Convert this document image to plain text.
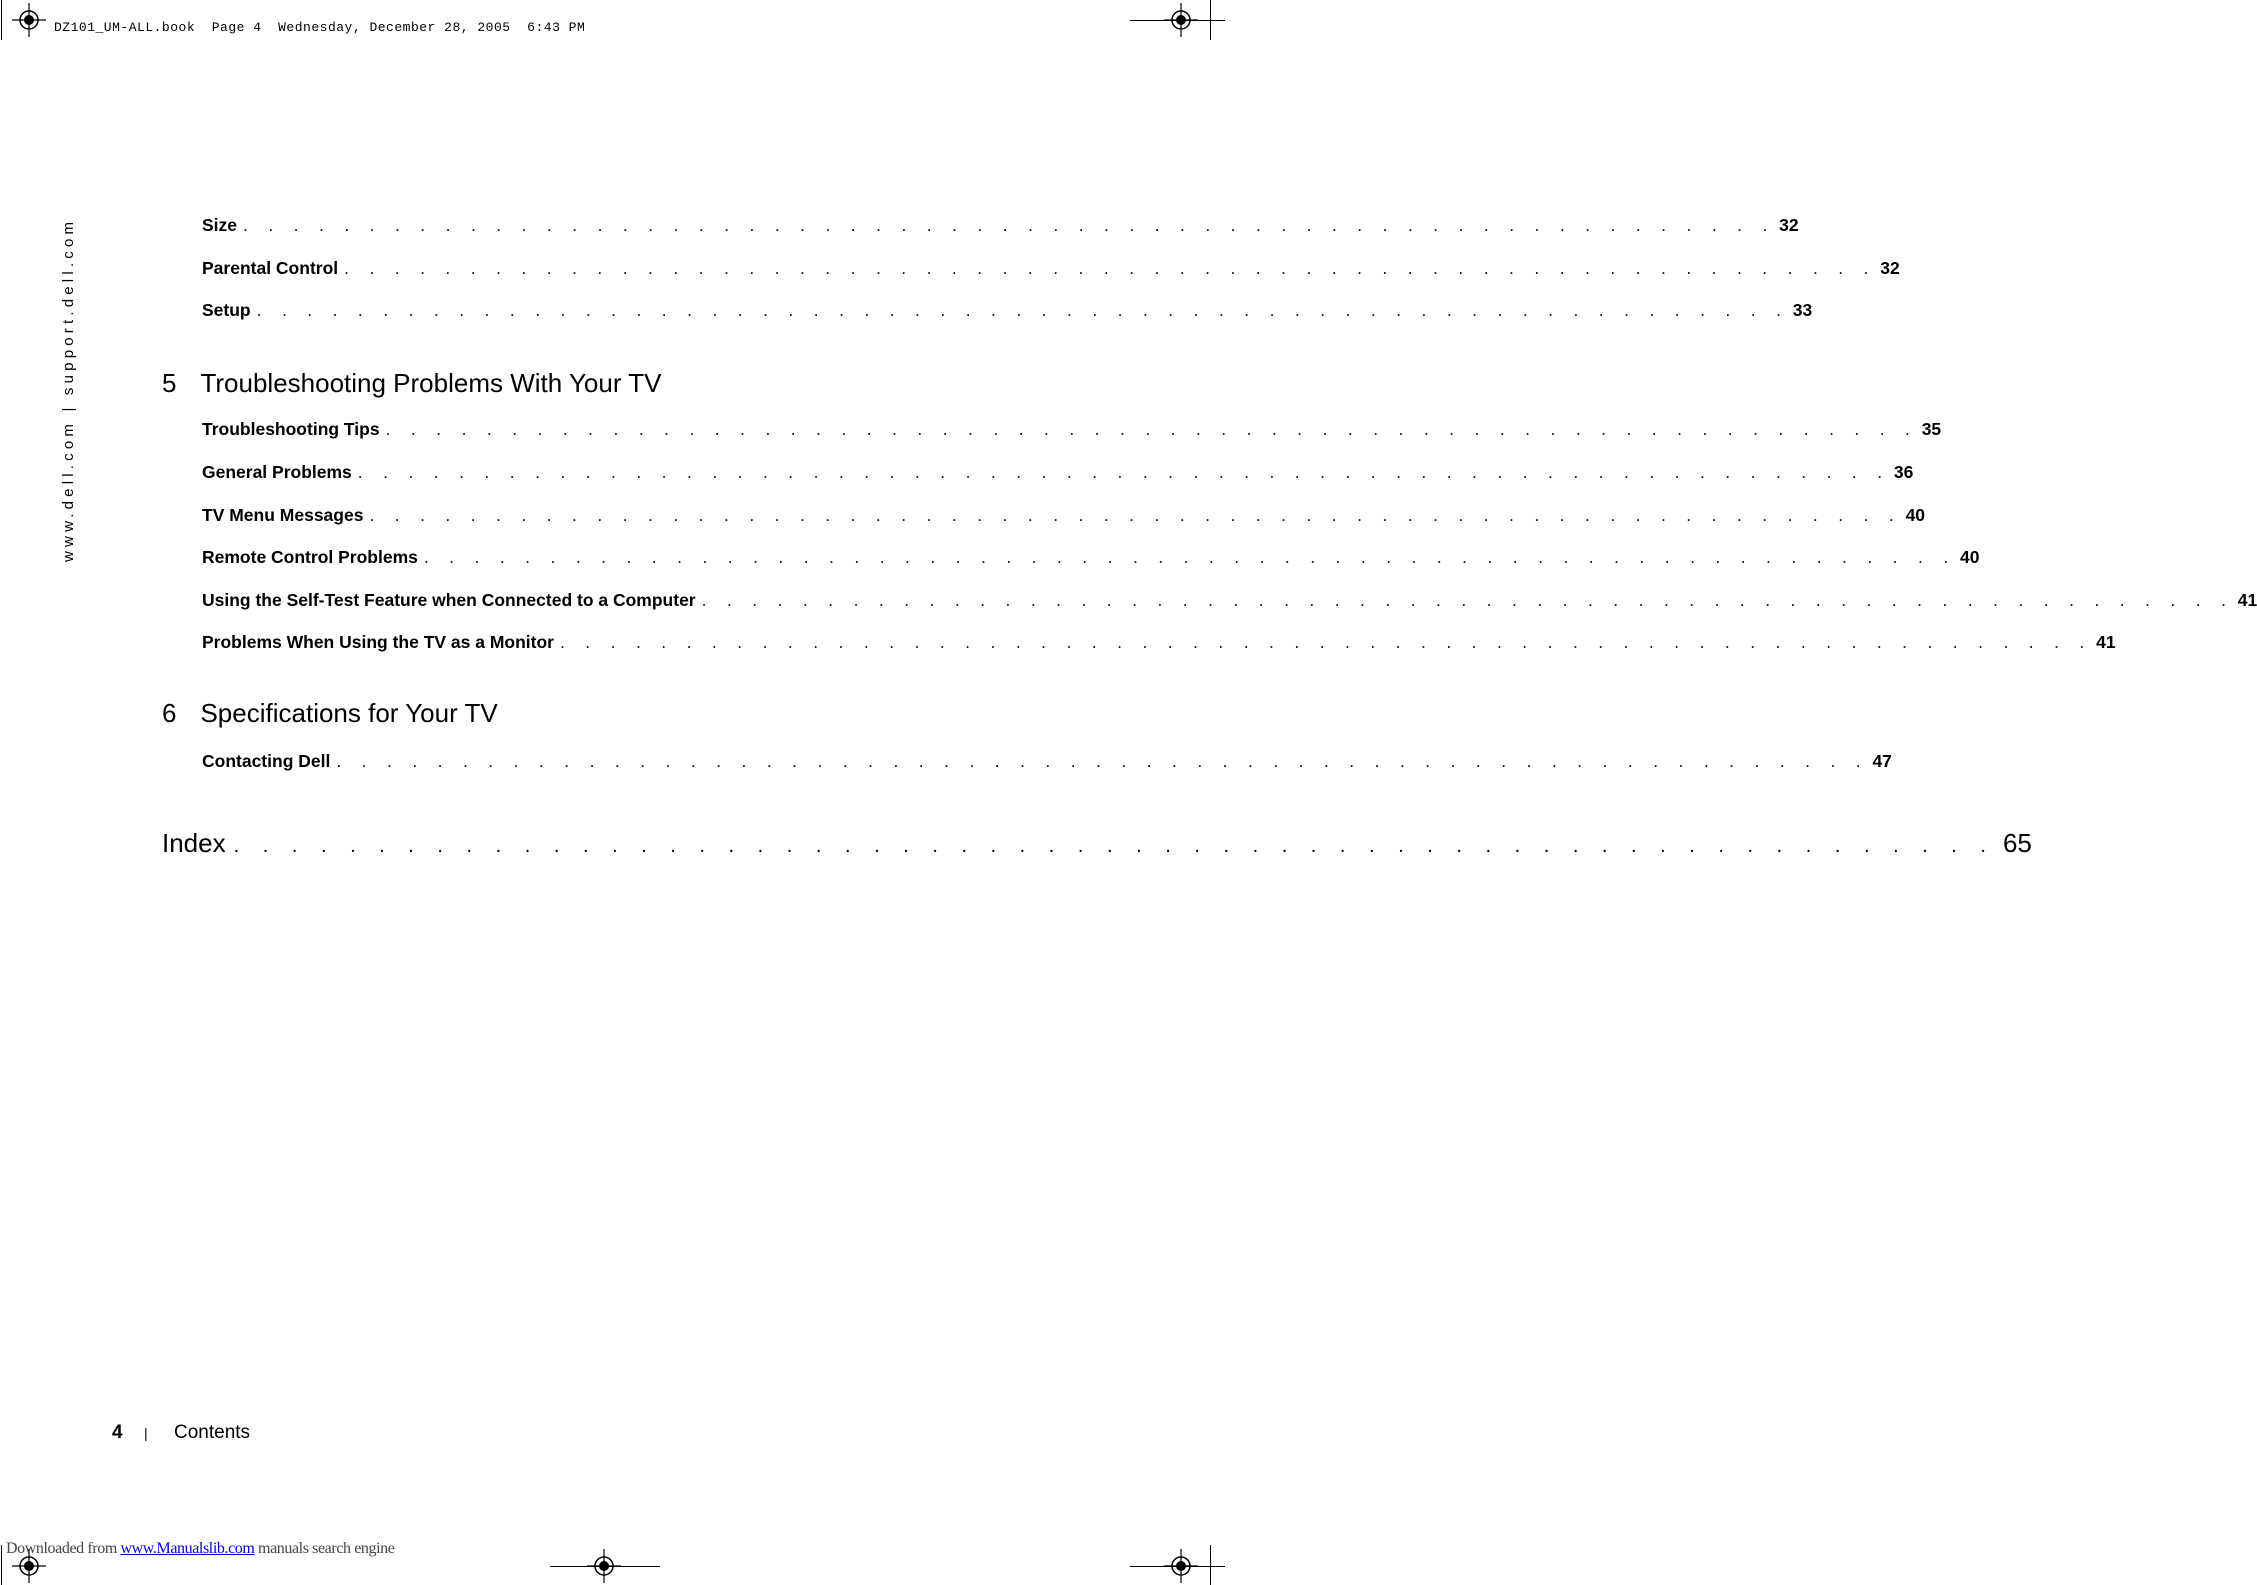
DZ101_UM-ALL.book  Page 4  Wednesday, December 28, 2005  6:43 PM
www.dell.com | support.dell.com	Size . . . . . . . . . . . . . . . . . . . . . . . . . . . . . . . . . . . . . . . . . . . . . . . . . . . . . . . . . . . . . 32
Parental Control . . . . . . . . . . . . . . . . . . . . . . . . . . . . . . . . . . . . . . . . . . . . . . . . . . . . . . . . . . . . . 32
Setup . . . . . . . . . . . . . . . . . . . . . . . . . . . . . . . . . . . . . . . . . . . . . . . . . . . . . . . . . . . . . 33
5 Troubleshooting Problems With Your TV
Troubleshooting Tips . . . . . . . . . . . . . . . . . . . . . . . . . . . . . . . . . . . . . . . . . . . . . . . . . . . . . . . . . . . . . 35
General Problems . . . . . . . . . . . . . . . . . . . . . . . . . . . . . . . . . . . . . . . . . . . . . . . . . . . . . . . . . . . . . 36
TV Menu Messages . . . . . . . . . . . . . . . . . . . . . . . . . . . . . . . . . . . . . . . . . . . . . . . . . . . . . . . . . . . . . 40
Remote Control Problems . . . . . . . . . . . . . . . . . . . . . . . . . . . . . . . . . . . . . . . . . . . . . . . . . . . . . . . . . . . . . 40
Using the Self-Test Feature when Connected to a Computer . . . . . . . . . . . . . . . . . . . . . . . . . . . . . . . . . . . . . . . . . . . . . . . . . . . . . . . . . . . . . 41
Problems When Using the TV as a Monitor . . . . . . . . . . . . . . . . . . . . . . . . . . . . . . . . . . . . . . . . . . . . . . . . . . . . . . . . . . . . . 41
6 Specifications for Your TV
Contacting Dell . . . . . . . . . . . . . . . . . . . . . . . . . . . . . . . . . . . . . . . . . . . . . . . . . . . . . . . . . . . . . 47
Index . . . . . . . . . . . . . . . . . . . . . . . . . . . . . . . . . . . . . . . . . . . . . . . . . . . . . . . . . . . . . 65
4	|	Contents
Downloaded from www.Manualslib.com manuals search engine
